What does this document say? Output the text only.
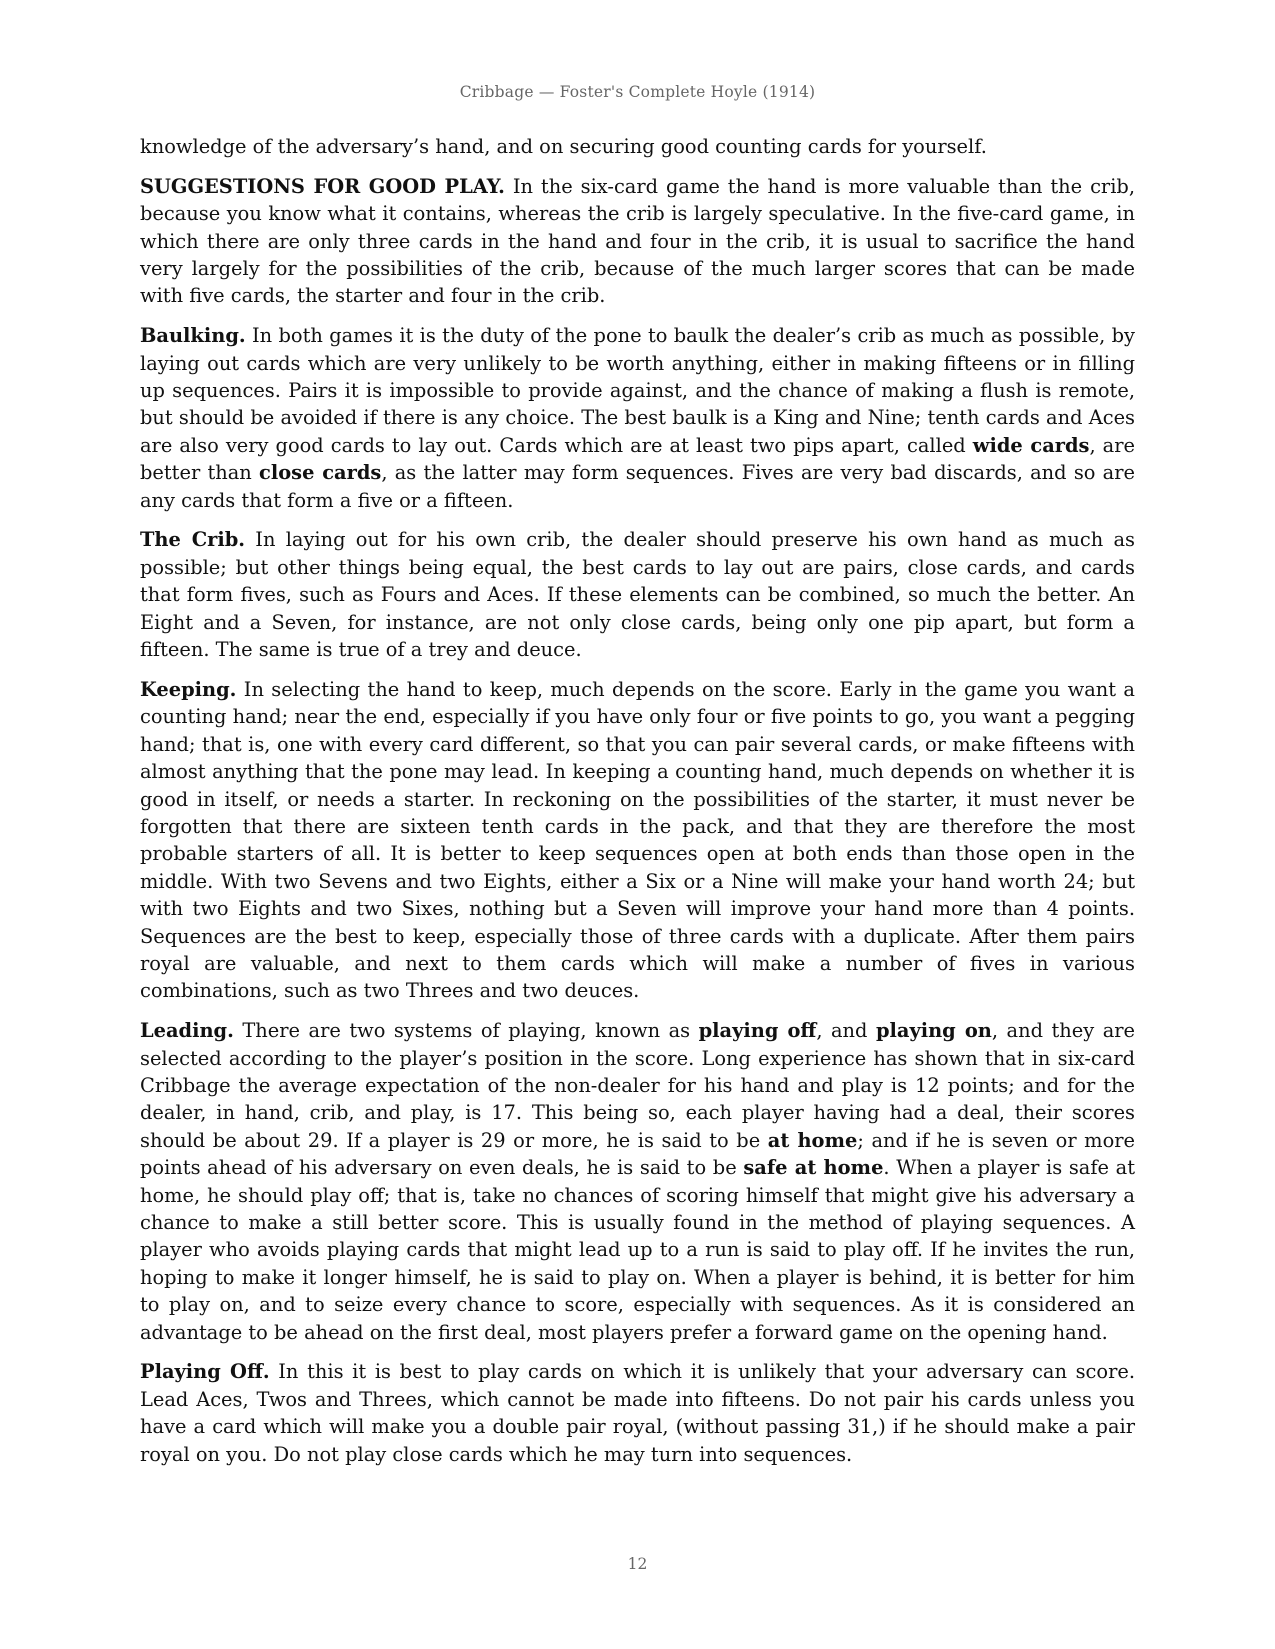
Cribbage — Foster's Complete Hoyle (1914)

knowledge of the adversary’s hand, and on securing good counting cards for yourself.

SUGGESTIONS FOR GOOD PLAY. In the six-card game the hand is more valuable than the crib, because you know what it contains, whereas the crib is largely speculative. In the five-card game, in which there are only three cards in the hand and four in the crib, it is usual to sacrifice the hand very largely for the possibilities of the crib, because of the much larger scores that can be made with five cards, the starter and four in the crib.

Baulking. In both games it is the duty of the pone to baulk the dealer’s crib as much as possible, by laying out cards which are very unlikely to be worth anything, either in making fifteens or in filling up sequences. Pairs it is impossible to provide against, and the chance of making a flush is remote, but should be avoided if there is any choice. The best baulk is a King and Nine; tenth cards and Aces are also very good cards to lay out. Cards which are at least two pips apart, called wide cards, are better than close cards, as the latter may form sequences. Fives are very bad discards, and so are any cards that form a five or a fifteen.

The Crib. In laying out for his own crib, the dealer should preserve his own hand as much as possible; but other things being equal, the best cards to lay out are pairs, close cards, and cards that form fives, such as Fours and Aces. If these elements can be combined, so much the better. An Eight and a Seven, for instance, are not only close cards, being only one pip apart, but form a fifteen. The same is true of a trey and deuce.

Keeping. In selecting the hand to keep, much depends on the score. Early in the game you want a counting hand; near the end, especially if you have only four or five points to go, you want a pegging hand; that is, one with every card different, so that you can pair several cards, or make fifteens with almost anything that the pone may lead. In keeping a counting hand, much depends on whether it is good in itself, or needs a starter. In reckoning on the possibilities of the starter, it must never be forgotten that there are sixteen tenth cards in the pack, and that they are therefore the most probable starters of all. It is better to keep sequences open at both ends than those open in the middle. With two Sevens and two Eights, either a Six or a Nine will make your hand worth 24; but with two Eights and two Sixes, nothing but a Seven will improve your hand more than 4 points. Sequences are the best to keep, especially those of three cards with a duplicate. After them pairs royal are valuable, and next to them cards which will make a number of fives in various combinations, such as two Threes and two deuces.

Leading. There are two systems of playing, known as playing off, and playing on, and they are selected according to the player’s position in the score. Long experience has shown that in six-card Cribbage the average expectation of the non-dealer for his hand and play is 12 points; and for the dealer, in hand, crib, and play, is 17. This being so, each player having had a deal, their scores should be about 29. If a player is 29 or more, he is said to be at home; and if he is seven or more points ahead of his adversary on even deals, he is said to be safe at home. When a player is safe at home, he should play off; that is, take no chances of scoring himself that might give his adversary a chance to make a still better score. This is usually found in the method of playing sequences. A player who avoids playing cards that might lead up to a run is said to play off. If he invites the run, hoping to make it longer himself, he is said to play on. When a player is behind, it is better for him to play on, and to seize every chance to score, especially with sequences. As it is considered an advantage to be ahead on the first deal, most players prefer a forward game on the opening hand.

Playing Off. In this it is best to play cards on which it is unlikely that your adversary can score. Lead Aces, Twos and Threes, which cannot be made into fifteens. Do not pair his cards unless you have a card which will make you a double pair royal, (without passing 31,) if he should make a pair royal on you. Do not play close cards which he may turn into sequences.

12
